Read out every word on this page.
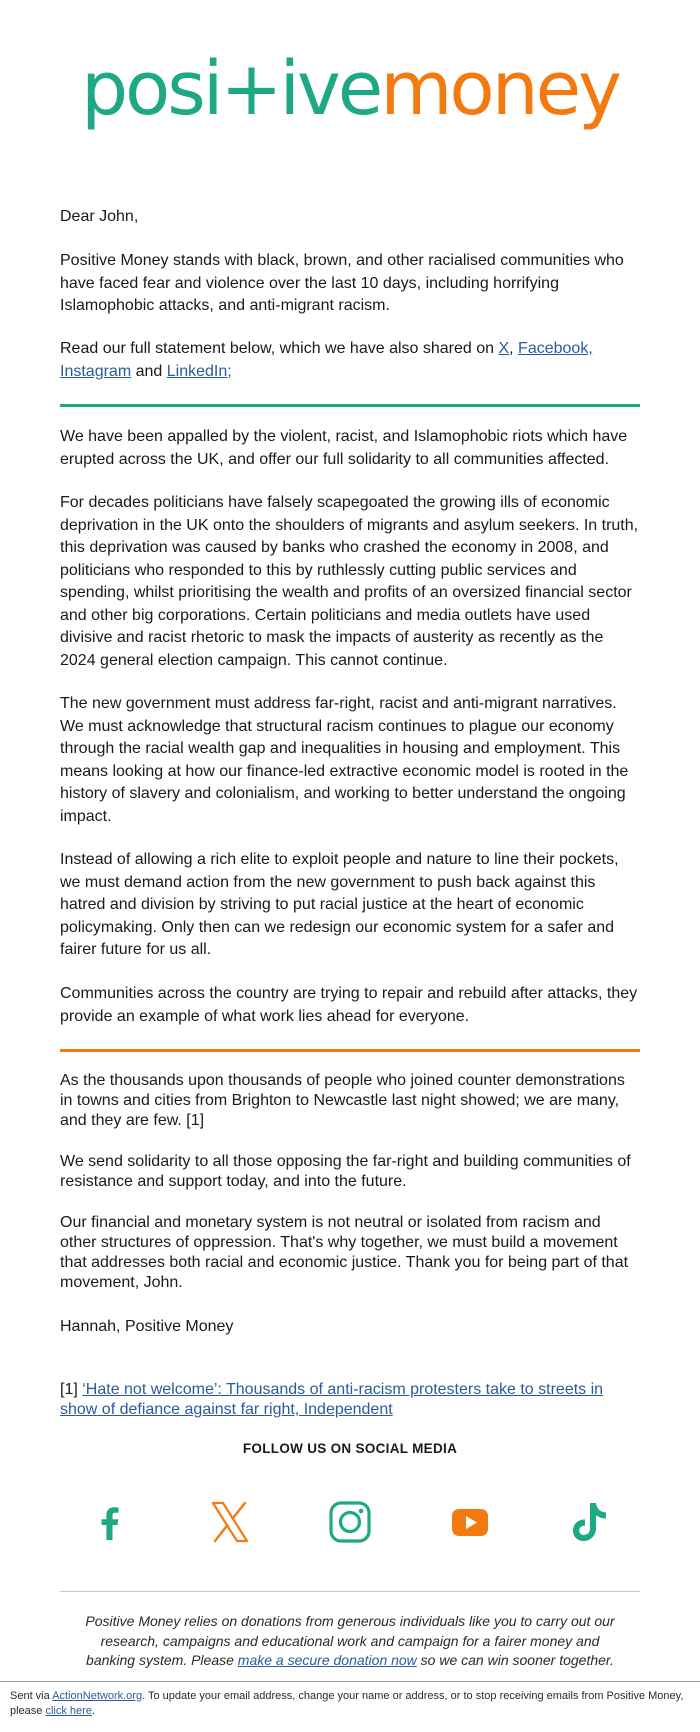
posi+ivemoney

Dear John,

Positive Money stands with black, brown, and other racialised communities who have faced fear and violence over the last 10 days, including horrifying Islamophobic attacks, and anti-migrant racism.

Read our full statement below, which we have also shared on X, Facebook, Instagram and LinkedIn;

We have been appalled by the violent, racist, and Islamophobic riots which have erupted across the UK, and offer our full solidarity to all communities affected.

For decades politicians have falsely scapegoated the growing ills of economic deprivation in the UK onto the shoulders of migrants and asylum seekers. In truth, this deprivation was caused by banks who crashed the economy in 2008, and politicians who responded to this by ruthlessly cutting public services and spending, whilst prioritising the wealth and profits of an oversized financial sector and other big corporations. Certain politicians and media outlets have used divisive and racist rhetoric to mask the impacts of austerity as recently as the 2024 general election campaign. This cannot continue.

The new government must address far-right, racist and anti-migrant narratives. We must acknowledge that structural racism continues to plague our economy through the racial wealth gap and inequalities in housing and employment. This means looking at how our finance-led extractive economic model is rooted in the history of slavery and colonialism, and working to better understand the ongoing impact.

Instead of allowing a rich elite to exploit people and nature to line their pockets, we must demand action from the new government to push back against this hatred and division by striving to put racial justice at the heart of economic policymaking. Only then can we redesign our economic system for a safer and fairer future for us all.

Communities across the country are trying to repair and rebuild after attacks, they provide an example of what work lies ahead for everyone.

As the thousands upon thousands of people who joined counter demonstrations in towns and cities from Brighton to Newcastle last night showed; we are many, and they are few. [1]

We send solidarity to all those opposing the far-right and building communities of resistance and support today, and into the future.

Our financial and monetary system is not neutral or isolated from racism and other structures of oppression. That's why together, we must build a movement that addresses both racial and economic justice. Thank you for being part of that movement, John.

Hannah, Positive Money

[1] ‘Hate not welcome’: Thousands of anti-racism protesters take to streets in show of defiance against far right, Independent

FOLLOW US ON SOCIAL MEDIA

Positive Money relies on donations from generous individuals like you to carry out our research, campaigns and educational work and campaign for a fairer money and banking system. Please make a secure donation now so we can win sooner together.

Sent via ActionNetwork.org. To update your email address, change your name or address, or to stop receiving emails from Positive Money, please click here.
